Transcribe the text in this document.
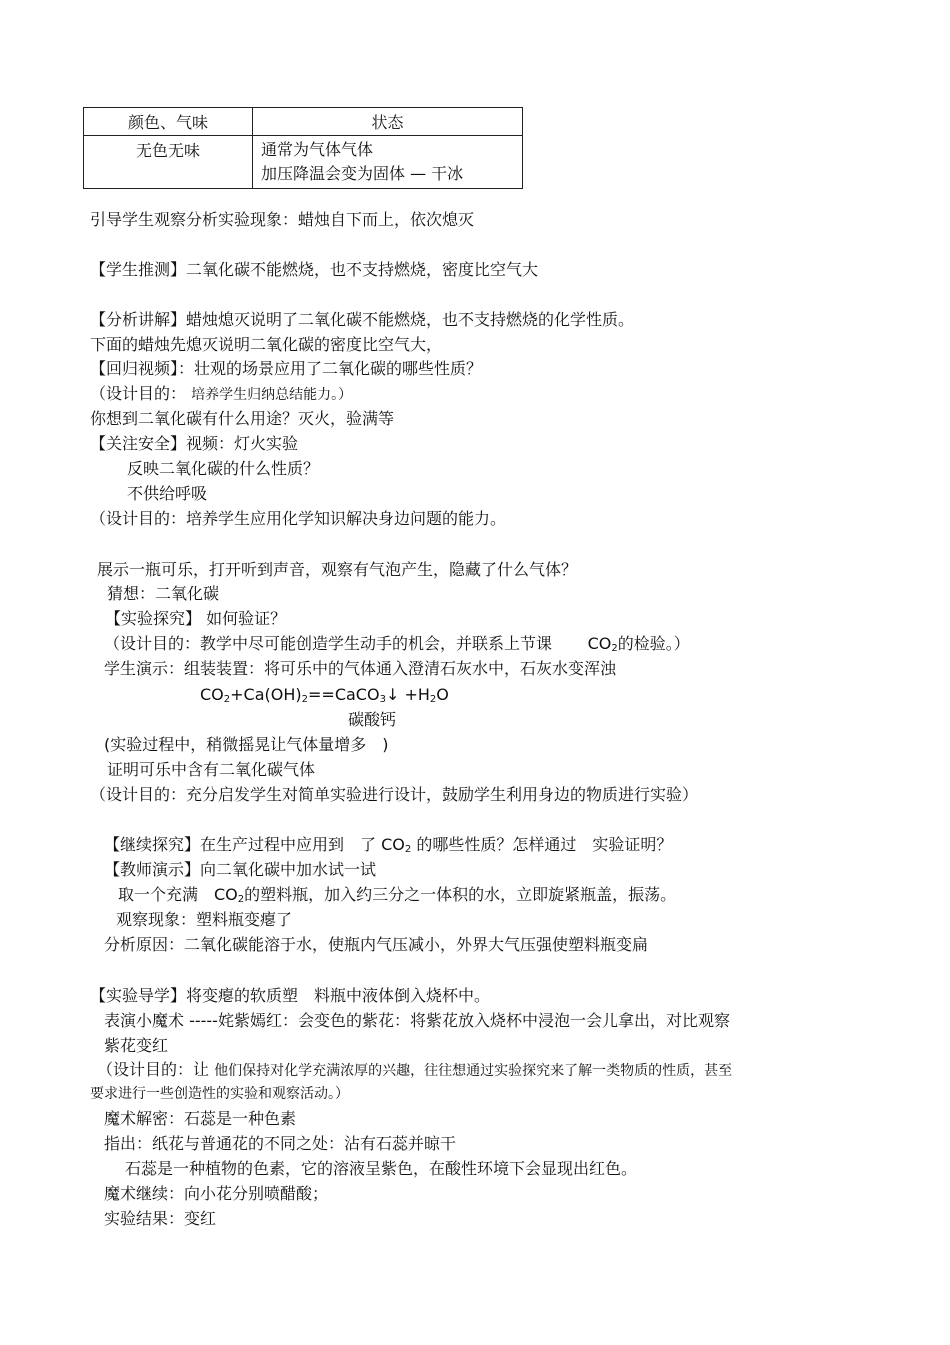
颜色、气味	状态
无色无味	通常为气体气体
加压降温会变为固体 — 干冰
引导学生观察分析实验现象：蜡烛自下而上，依次熄灭
【学生推测】二氧化碳不能燃烧，也不支持燃烧，密度比空气大
【分析讲解】蜡烛熄灭说明了二氧化碳不能燃烧，也不支持燃烧的化学性质。
下面的蜡烛先熄灭说明二氧化碳的密度比空气大，
【回归视频】：壮观的场景应用了二氧化碳的哪些性质？
（设计目的： 培养学生归纳总结能力。）
你想到二氧化碳有什么用途？灭火，验满等
【关注安全】视频：灯火实验
反映二氧化碳的什么性质？
不供给呼吸
（设计目的：培养学生应用化学知识解决身边问题的能力。
展示一瓶可乐，打开听到声音，观察有气泡产生，隐藏了什么气体？
猜想：二氧化碳
【实验探究】 如何验证？
（设计目的：教学中尽可能创造学生动手的机会，并联系上节课 $CO_2$的检验。）
学生演示：组装装置：将可乐中的气体通入澄清石灰水中，石灰水变浑浊
$CO_2+Ca(OH)_2==CaCO_3↓ +H_2O$
碳酸钙
(实验过程中，稍微摇晃让气体量增多　)
证明可乐中含有二氧化碳气体
（设计目的：充分启发学生对简单实验进行设计，鼓励学生利用身边的物质进行实验）
【继续探究】在生产过程中应用到　了 $CO_2$ 的哪些性质？怎样通过　实验证明？
【教师演示】向二氧化碳中加水试一试
取一个充满　$CO_2$的塑料瓶，加入约三分之一体积的水，立即旋紧瓶盖，振荡。
观察现象：塑料瓶变瘪了
分析原因：二氧化碳能溶于水，使瓶内气压减小，外界大气压强使塑料瓶变扁
【实验导学】将变瘪的软质塑　料瓶中液体倒入烧杯中。
表演小魔术 -----姹紫嫣红：会变色的紫花：将紫花放入烧杯中浸泡一会儿拿出，对比观察
紫花变红
（设计目的：让 他们保持对化学充满浓厚的兴趣，往往想通过实验探究来了解一类物质的性质，甚至
要求进行一些创造性的实验和观察活动。）
魔术解密：石蕊是一种色素
指出：纸花与普通花的不同之处：沾有石蕊并晾干
石蕊是一种植物的色素，它的溶液呈紫色，在酸性环境下会显现出红色。
魔术继续：向小花分别喷醋酸；
实验结果：变红
